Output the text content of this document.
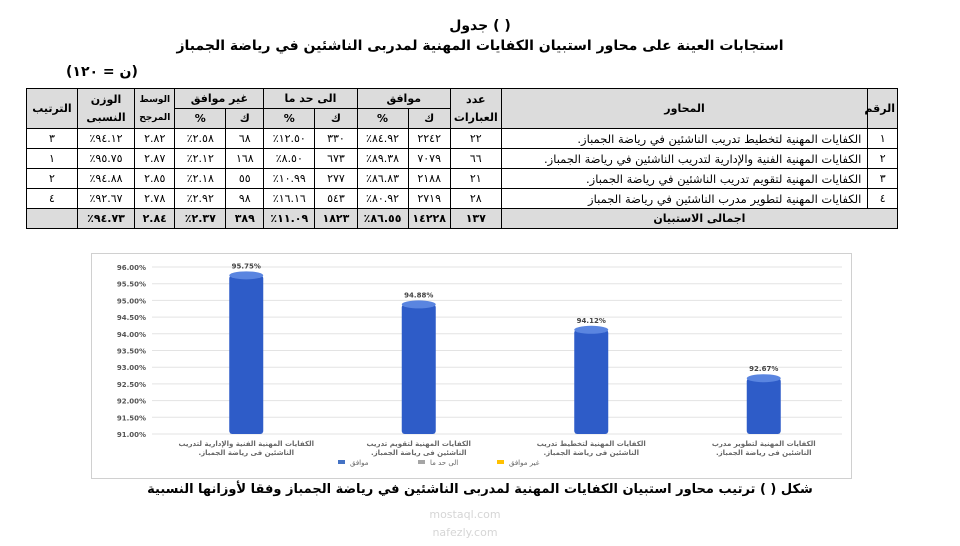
جدول ( )
استجابات العينة على محاور استبيان الكفايات المهنية لمدربى الناشئين في رياضة الجمباز
(ن = ١٢٠)
الرقم	المحاور	عدد العبارات	موافق		الى حد ما		غير موافق		الوسط المرجح	الوزن النسبى	الترتيب
			ك	%	ك	%	ك	%			
١	الكفايات المهنية لتخطيط تدريب الناشئين في رياضة الجمباز.	٢٢	٢٢٤٢	٨٤.٩٢٪	٣٣٠	١٢.٥٠٪	٦٨	٢.٥٨٪	٢.٨٢	٩٤.١٢٪	٣
٢	الكفايات المهنية الفنية والإدارية لتدريب الناشئين في رياضة الجمباز.	٦٦	٧٠٧٩	٨٩.٣٨٪	٦٧٣	٨.٥٠٪	١٦٨	٢.١٢٪	٢.٨٧	٩٥.٧٥٪	١
٣	الكفايات المهنية لتقويم تدريب الناشئين في رياضة الجمباز.	٢١	٢١٨٨	٨٦.٨٣٪	٢٧٧	١٠.٩٩٪	٥٥	٢.١٨٪	٢.٨٥	٩٤.٨٨٪	٢
٤	الكفايات المهنية لتطوير مدرب الناشئين في رياضة الجمباز	٢٨	٢٧١٩	٨٠.٩٢٪	٥٤٣	١٦.١٦٪	٩٨	٢.٩٢٪	٢.٧٨	٩٢.٦٧٪	٤
اجمالى الاستبيان		١٣٧	١٤٢٢٨	٨٦.٥٥٪	١٨٢٣	١١.٠٩٪	٣٨٩	٢.٣٧٪	٢.٨٤	٩٤.٧٣٪	
91.00%
91.50%
92.00%
92.50%
93.00%
93.50%
94.00%
94.50%
95.00%
95.50%
96.00%	95.75%
الكفايات المهنية الفنية والإدارية لتدريب الناشئين فى رياضة الجمباز.
94.88%
الكفايات المهنية لتقويم تدريب الناشئين فى رياضة الجمباز.
94.12%
الكفايات المهنية لتخطيط تدريب الناشئين فى رياضة الجمباز.
92.67%
الكفايات المهنية لتطوير مدرب الناشئين فى رياضة الجمباز.
موافق	الى حد ما	غير موافق
شكل ( ) ترتيب محاور استبيان الكفايات المهنية لمدربى الناشئين في رياضة الجمباز وفقا لأوزانها النسبية
mostaql.com
nafezly.com
